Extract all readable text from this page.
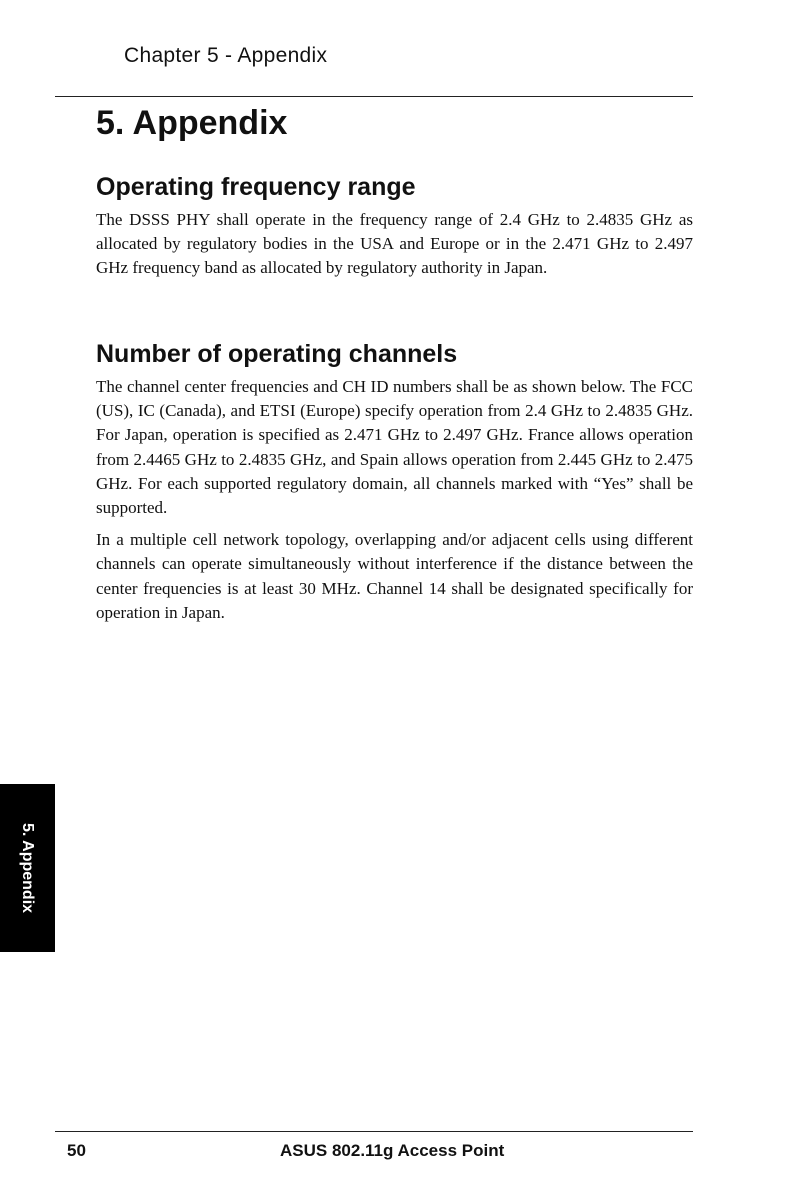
Chapter 5 - Appendix
5. Appendix
Operating frequency range

The DSSS PHY shall operate in the frequency range of 2.4 GHz to 2.4835 GHz as allocated by regulatory bodies in the USA and Europe or in the 2.471 GHz to 2.497 GHz frequency band as allocated by regulatory authority in Japan.

Number of operating channels

The channel center frequencies and CH ID numbers shall be as shown below. The FCC (US), IC (Canada), and ETSI (Europe) specify operation from 2.4 GHz to 2.4835 GHz. For Japan, operation is specified as 2.471 GHz to 2.497 GHz. France allows operation from 2.4465 GHz to 2.4835 GHz, and Spain allows operation from 2.445 GHz to 2.475 GHz. For each supported regulatory domain, all channels marked with “Yes” shall be supported.

In a multiple cell network topology, overlapping and/or adjacent cells using different channels can operate simultaneously without interference if the distance between the center frequencies is at least 30 MHz. Channel 14 shall be designated specifically for operation in Japan.

5. Appendix
50	ASUS 802.11g Access Point
